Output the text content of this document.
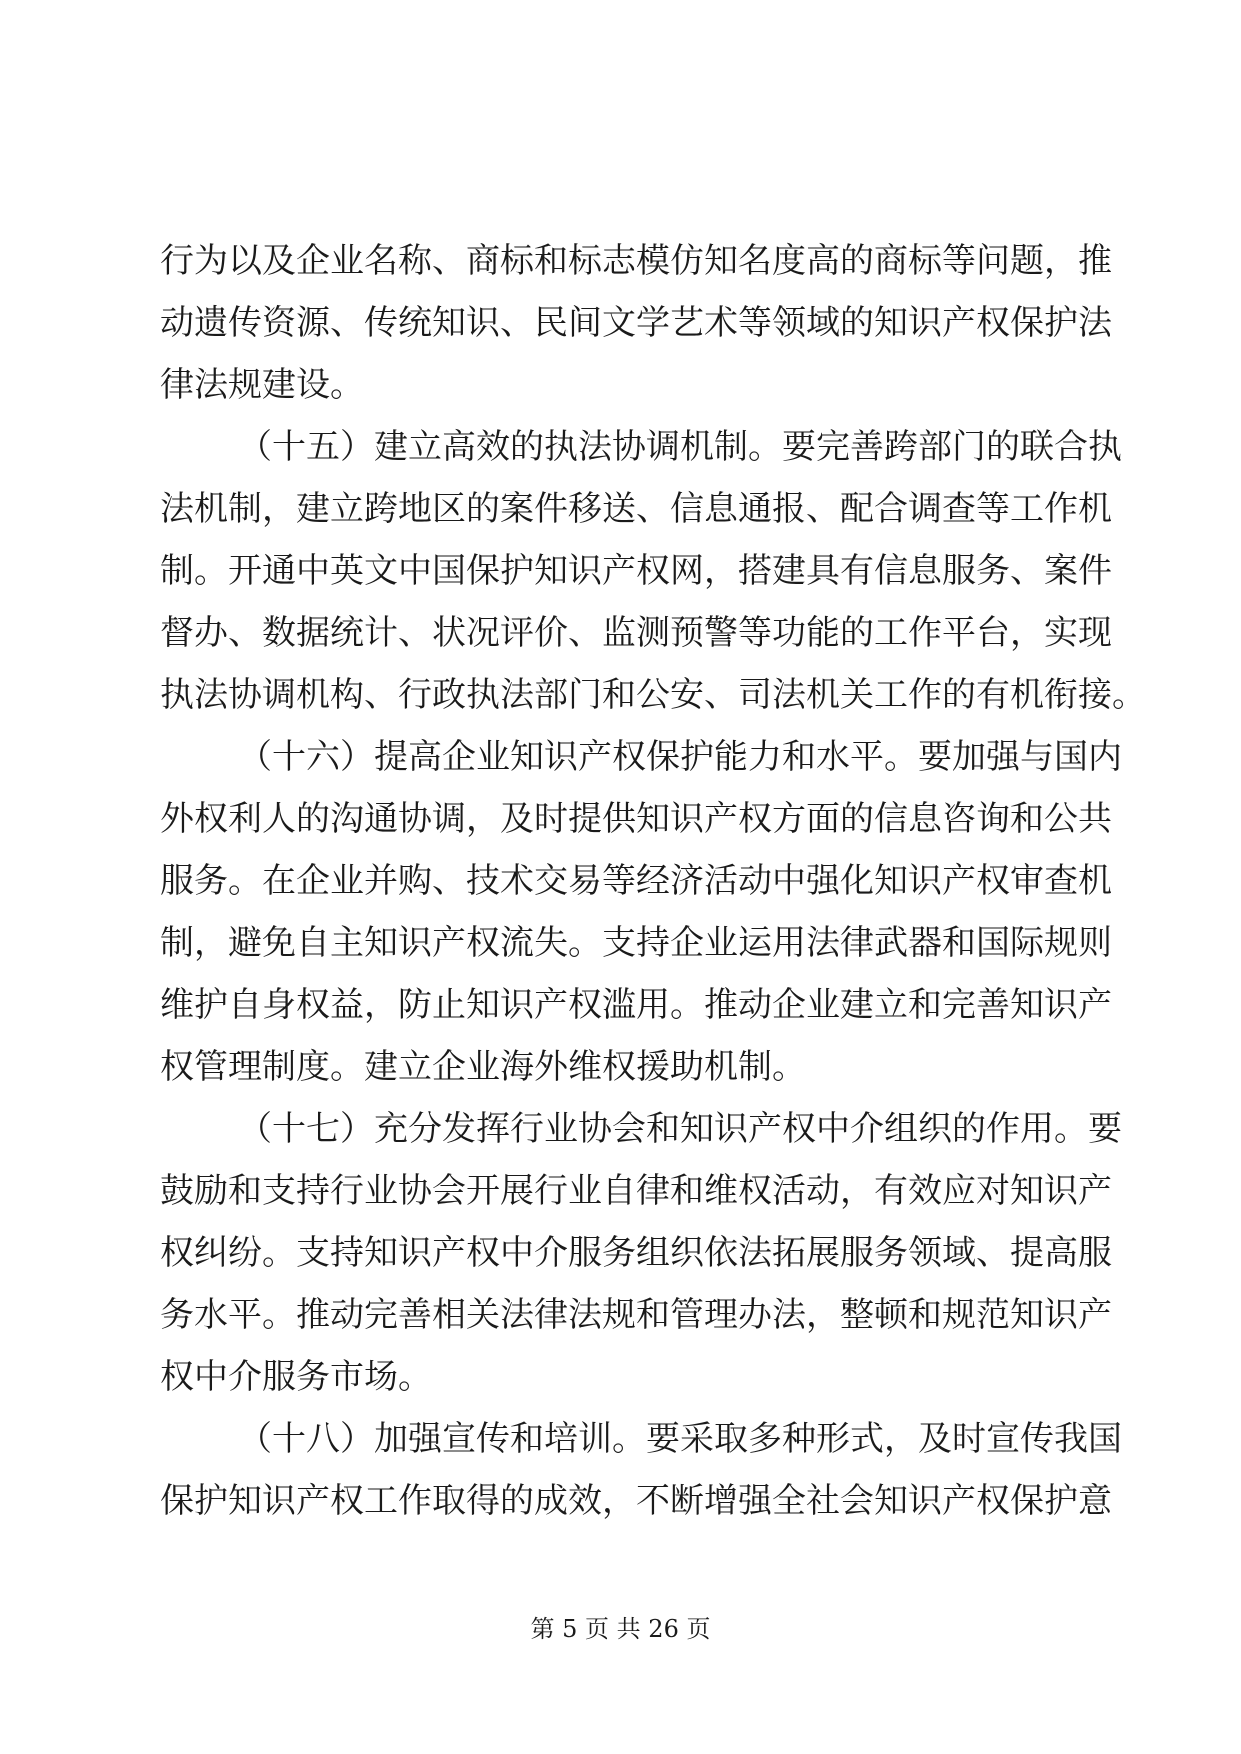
行为以及企业名称、商标和标志模仿知名度高的商标等问题，推
动遗传资源、传统知识、民间文学艺术等领域的知识产权保护法
律法规建设。
（十五）建立高效的执法协调机制。要完善跨部门的联合执
法机制，建立跨地区的案件移送、信息通报、配合调查等工作机
制。开通中英文中国保护知识产权网，搭建具有信息服务、案件
督办、数据统计、状况评价、监测预警等功能的工作平台，实现
执法协调机构、行政执法部门和公安、司法机关工作的有机衔接。
（十六）提高企业知识产权保护能力和水平。要加强与国内
外权利人的沟通协调，及时提供知识产权方面的信息咨询和公共
服务。在企业并购、技术交易等经济活动中强化知识产权审查机
制，避免自主知识产权流失。支持企业运用法律武器和国际规则
维护自身权益，防止知识产权滥用。推动企业建立和完善知识产
权管理制度。建立企业海外维权援助机制。
（十七）充分发挥行业协会和知识产权中介组织的作用。要
鼓励和支持行业协会开展行业自律和维权活动，有效应对知识产
权纠纷。支持知识产权中介服务组织依法拓展服务领域、提高服
务水平。推动完善相关法律法规和管理办法，整顿和规范知识产
权中介服务市场。
（十八）加强宣传和培训。要采取多种形式，及时宣传我国
保护知识产权工作取得的成效，不断增强全社会知识产权保护意
第 5 页 共 26 页
